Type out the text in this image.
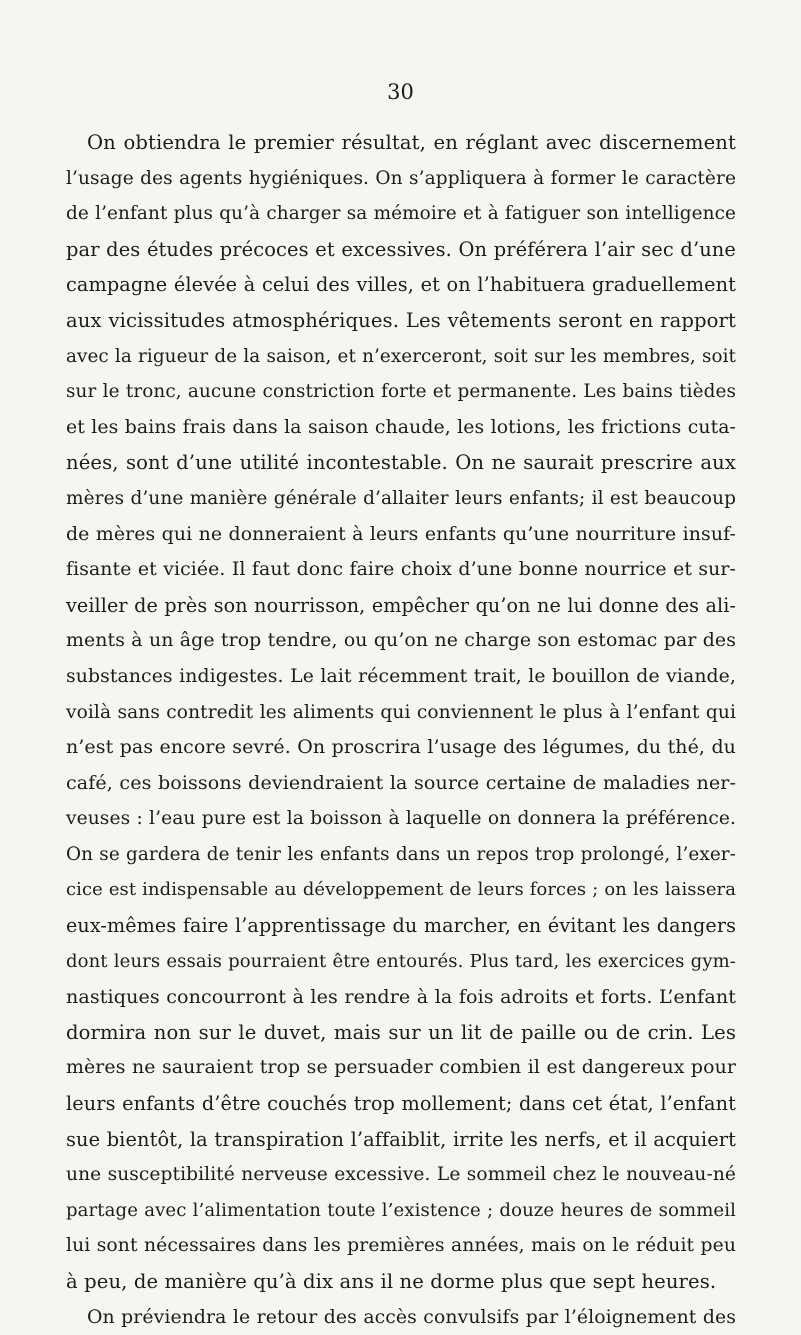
30
On obtiendra le premier résultat, en réglant avec discernement
l’usage des agents hygiéniques. On s’appliquera à former le caractère
de l’enfant plus qu’à charger sa mémoire et à fatiguer son intelligence
par des études précoces et excessives. On préférera l’air sec d’une
campagne élevée à celui des villes, et on l’habituera graduellement
aux vicissitudes atmosphériques. Les vêtements seront en rapport
avec la rigueur de la saison, et n’exerceront, soit sur les membres, soit
sur le tronc, aucune constriction forte et permanente. Les bains tièdes
et les bains frais dans la saison chaude, les lotions, les frictions cuta-
nées, sont d’une utilité incontestable. On ne saurait prescrire aux
mères d’une manière générale d’allaiter leurs enfants; il est beaucoup
de mères qui ne donneraient à leurs enfants qu’une nourriture insuf-
fisante et viciée. Il faut donc faire choix d’une bonne nourrice et sur-
veiller de près son nourrisson, empêcher qu’on ne lui donne des ali-
ments à un âge trop tendre, ou qu’on ne charge son estomac par des
substances indigestes. Le lait récemment trait, le bouillon de viande,
voilà sans contredit les aliments qui conviennent le plus à l’enfant qui
n’est pas encore sevré. On proscrira l’usage des légumes, du thé, du
café, ces boissons deviendraient la source certaine de maladies ner-
veuses : l’eau pure est la boisson à laquelle on donnera la préférence.
On se gardera de tenir les enfants dans un repos trop prolongé, l’exer-
cice est indispensable au développement de leurs forces ; on les laissera
eux-mêmes faire l’apprentissage du marcher, en évitant les dangers
dont leurs essais pourraient être entourés. Plus tard, les exercices gym-
nastiques concourront à les rendre à la fois adroits et forts. L’enfant
dormira non sur le duvet, mais sur un lit de paille ou de crin. Les
mères ne sauraient trop se persuader combien il est dangereux pour
leurs enfants d’être couchés trop mollement; dans cet état, l’enfant
sue bientôt, la transpiration l’affaiblit, irrite les nerfs, et il acquiert
une susceptibilité nerveuse excessive. Le sommeil chez le nouveau-né
partage avec l’alimentation toute l’existence ; douze heures de sommeil
lui sont nécessaires dans les premières années, mais on le réduit peu
à peu, de manière qu’à dix ans il ne dorme plus que sept heures.
On préviendra le retour des accès convulsifs par l’éloignement des
